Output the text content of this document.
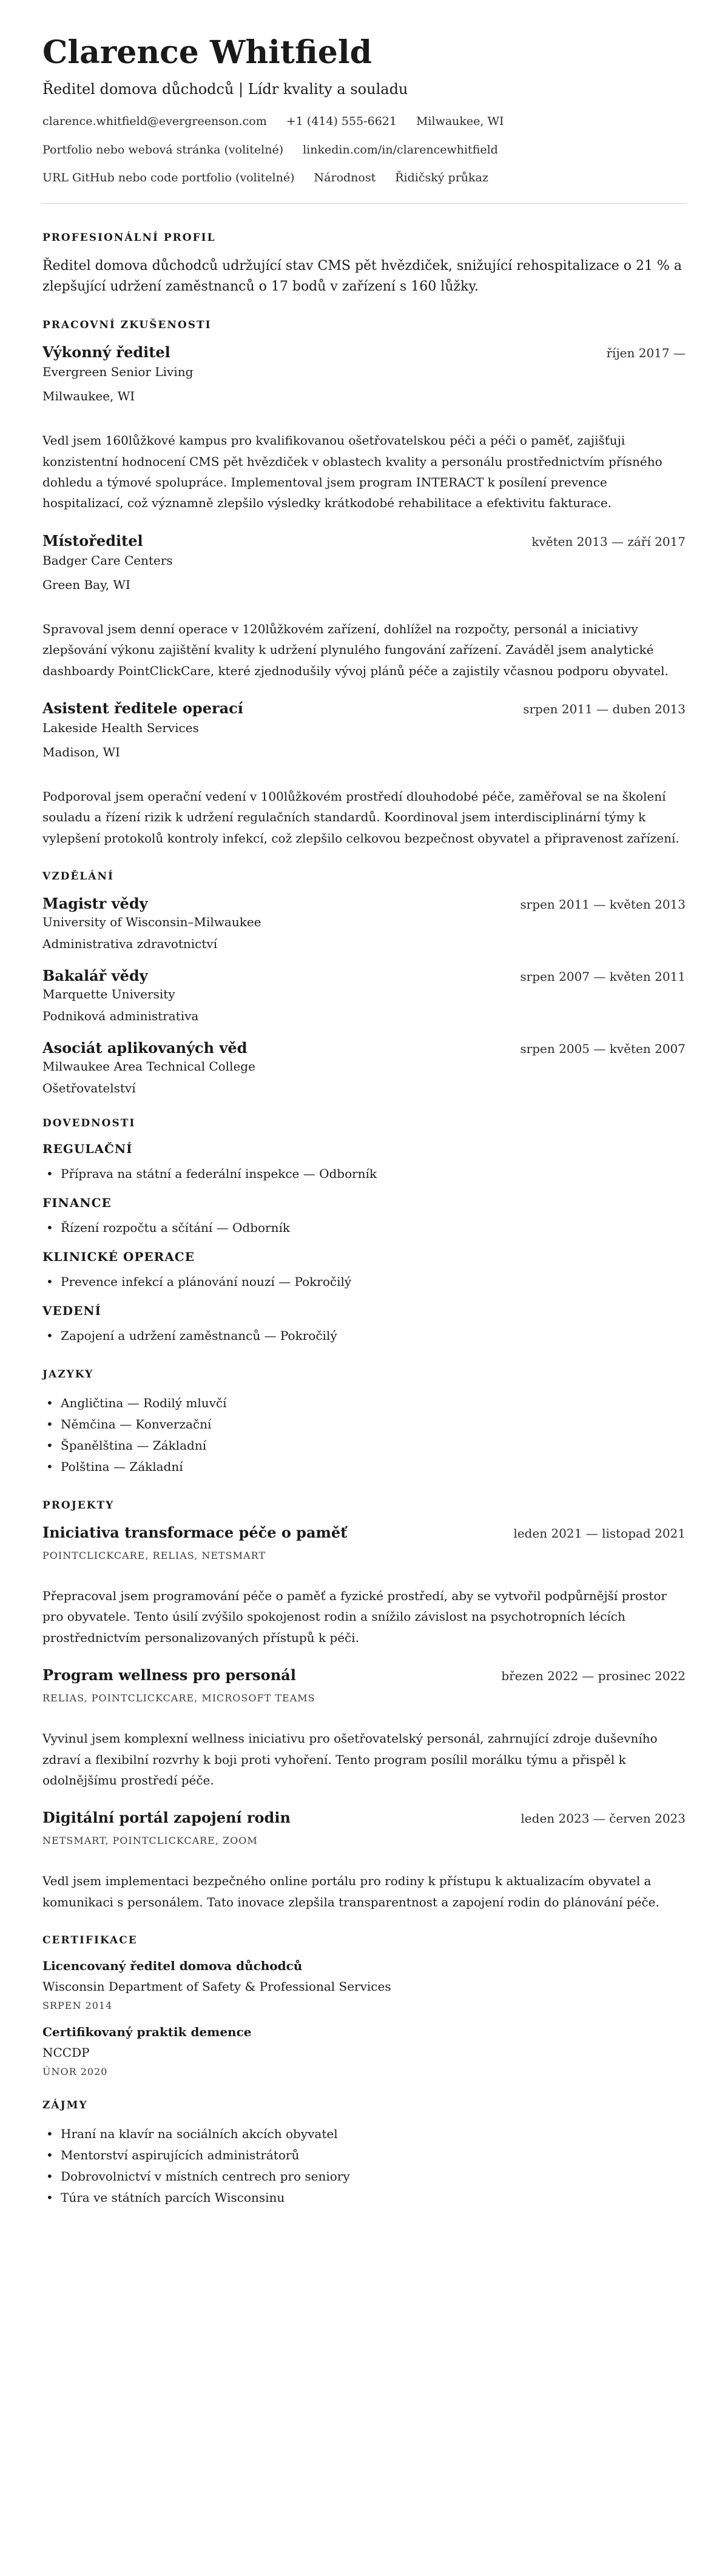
Clarence Whitfield
Ředitel domova důchodců | Lídr kvality a souladu
clarence.whitfield@evergreenson.com +1 (414) 555-6621 Milwaukee, WI
Portfolio nebo webová stránka (volitelné) linkedin.com/in/clarencewhitfield
URL GitHub nebo code portfolio (volitelné) Národnost Řidičský průkaz
PROFESIONÁLNÍ PROFIL

Ředitel domova důchodců udržující stav CMS pět hvězdiček, snižující rehospitalizace o 21 % a zlepšující udržení zaměstnanců o 17 bodů v zařízení s 160 lůžky.

PRACOVNÍ ZKUŠENOSTI
Výkonný ředitel	říjen 2017 —
Evergreen Senior Living
Milwaukee, WI

Vedl jsem 160lůžkové kampus pro kvalifikovanou ošetřovatelskou péči a péči o paměť, zajišťuji konzistentní hodnocení CMS pět hvězdiček v oblastech kvality a personálu prostřednictvím přísného dohledu a týmové spolupráce. Implementoval jsem program INTERACT k posílení prevence hospitalizací, což významně zlepšilo výsledky krátkodobé rehabilitace a efektivitu fakturace.

Místoředitel	květen 2013 — září 2017
Badger Care Centers
Green Bay, WI

Spravoval jsem denní operace v 120lůžkovém zařízení, dohlížel na rozpočty, personál a iniciativy zlepšování výkonu zajištění kvality k udržení plynulého fungování zařízení. Zaváděl jsem analytické dashboardy PointClickCare, které zjednodušily vývoj plánů péče a zajistily včasnou podporu obyvatel.

Asistent ředitele operací	srpen 2011 — duben 2013
Lakeside Health Services
Madison, WI

Podporoval jsem operační vedení v 100lůžkovém prostředí dlouhodobé péče, zaměřoval se na školení souladu a řízení rizik k udržení regulačních standardů. Koordinoval jsem interdisciplinární týmy k vylepšení protokolů kontroly infekcí, což zlepšilo celkovou bezpečnost obyvatel a připravenost zařízení.

VZDĚLÁNÍ
Magistr vědy	srpen 2011 — květen 2013
University of Wisconsin–Milwaukee
Administrativa zdravotnictví
Bakalář vědy	srpen 2007 — květen 2011
Marquette University
Podniková administrativa
Asociát aplikovaných věd	srpen 2005 — květen 2007
Milwaukee Area Technical College
Ošetřovatelství
DOVEDNOSTI
REGULAČNÍ
• Příprava na státní a federální inspekce — Odborník
FINANCE
• Řízení rozpočtu a sčítání — Odborník
KLINICKÉ OPERACE
• Prevence infekcí a plánování nouzí — Pokročilý
VEDENÍ
• Zapojení a udržení zaměstnanců — Pokročilý
JAZYKY
• Angličtina — Rodilý mluvčí
• Němčina — Konverzační
• Španělština — Základní
• Polština — Základní
PROJEKTY
Iniciativa transformace péče o paměť	leden 2021 — listopad 2021
POINTCLICKCARE, RELIAS, NETSMART

Přepracoval jsem programování péče o paměť a fyzické prostředí, aby se vytvořil podpůrnější prostor pro obyvatele. Tento úsilí zvýšilo spokojenost rodin a snížilo závislost na psychotropních lécích prostřednictvím personalizovaných přístupů k péči.

Program wellness pro personál	březen 2022 — prosinec 2022
RELIAS, POINTCLICKCARE, MICROSOFT TEAMS

Vyvinul jsem komplexní wellness iniciativu pro ošetřovatelský personál, zahrnující zdroje duševního zdraví a flexibilní rozvrhy k boji proti vyhoření. Tento program posílil morálku týmu a přispěl k odolnějšímu prostředí péče.

Digitální portál zapojení rodin	leden 2023 — červen 2023
NETSMART, POINTCLICKCARE, ZOOM

Vedl jsem implementaci bezpečného online portálu pro rodiny k přístupu k aktualizacím obyvatel a komunikaci s personálem. Tato inovace zlepšila transparentnost a zapojení rodin do plánování péče.

CERTIFIKACE
Licencovaný ředitel domova důchodců
Wisconsin Department of Safety & Professional Services
SRPEN 2014
Certifikovaný praktik demence
NCCDP
ÚNOR 2020
ZÁJMY
• Hraní na klavír na sociálních akcích obyvatel
• Mentorství aspirujících administrátorů
• Dobrovolnictví v místních centrech pro seniory
• Túra ve státních parcích Wisconsinu
